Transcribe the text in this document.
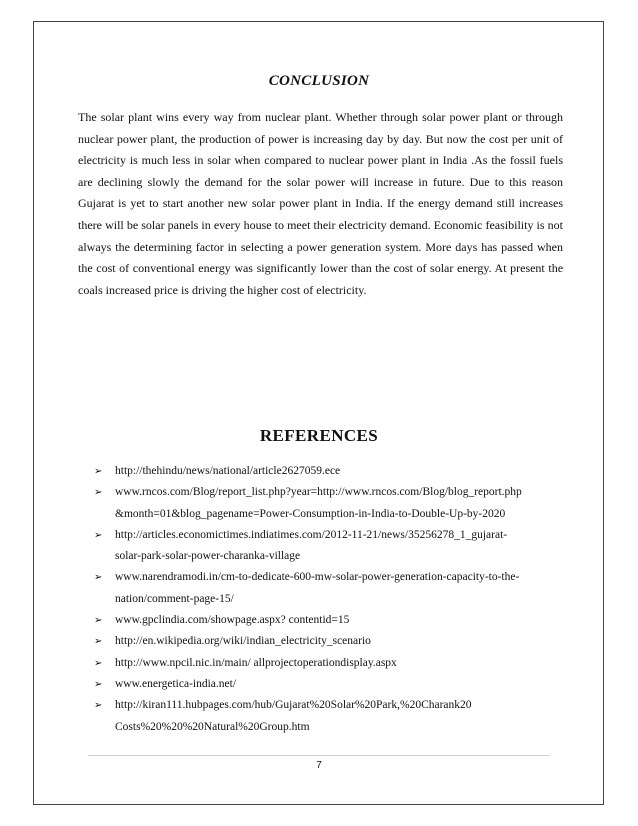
CONCLUSION

The solar plant wins every way from nuclear plant. Whether through solar power plant or through nuclear power plant, the production of power is increasing day by day. But now the cost per unit of electricity is much less in solar when compared to nuclear power plant in India .As the fossil fuels are declining slowly the demand for the solar power will increase in future. Due to this reason Gujarat is yet to start another new solar power plant in India. If the energy demand still increases there will be solar panels in every house to meet their electricity demand. Economic feasibility is not always the determining factor in selecting a power generation system. More days has passed when the cost of conventional energy was significantly lower than the cost of solar energy. At present the coals increased price is driving the higher cost of electricity.

REFERENCES
➢ http://thehindu/news/national/article2627059.ece
➢ www.rncos.com/Blog/report_list.php?year=http://www.rncos.com/Blog/blog_report.php
&month=01&blog_pagename=Power-Consumption-in-India-to-Double-Up-by-2020
➢ http://articles.economictimes.indiatimes.com/2012-11-21/news/35256278_1_gujarat-
solar-park-solar-power-charanka-village
➢ www.narendramodi.in/cm-to-dedicate-600-mw-solar-power-generation-capacity-to-the-
nation/comment-page-15/
➢ www.gpclindia.com/showpage.aspx? contentid=15
➢ http://en.wikipedia.org/wiki/indian_electricity_scenario
➢ http://www.npcil.nic.in/main/ allprojectoperationdisplay.aspx
➢ www.energetica-india.net/
➢ http://kiran111.hubpages.com/hub/Gujarat%20Solar%20Park,%20Charank20
Costs%20%20%20Natural%20Group.htm
7
